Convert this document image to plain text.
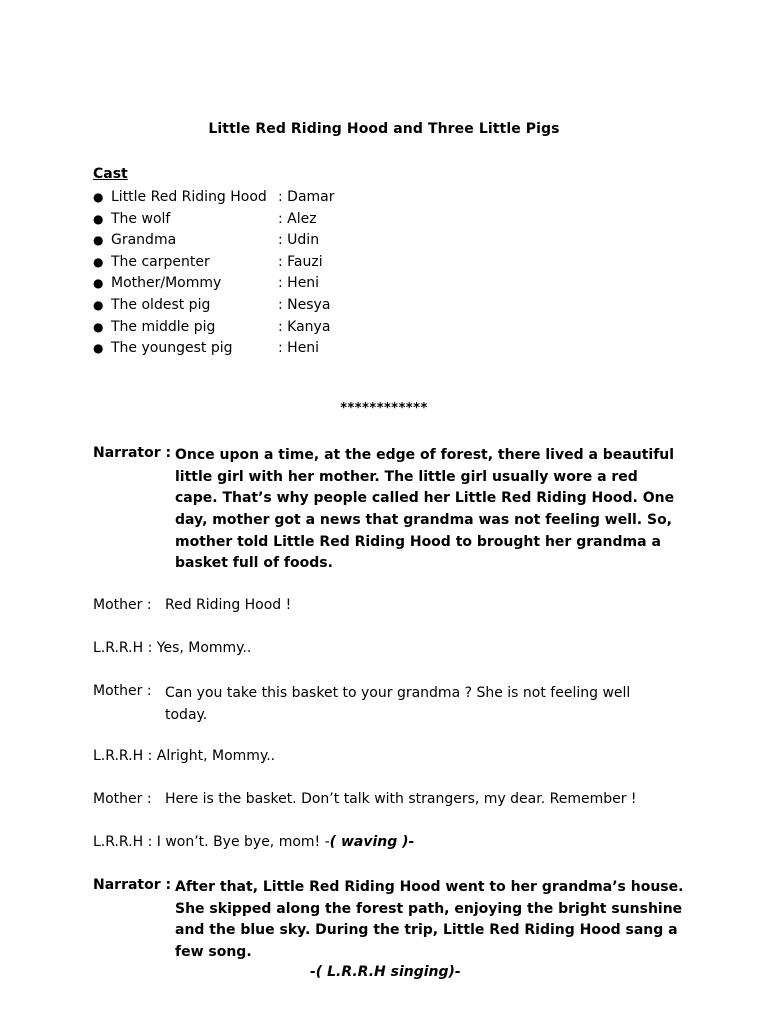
Little Red Riding Hood and Three Little Pigs
Cast
● Little Red Riding Hood : Damar
● The wolf	: Alez
● Grandma	: Udin
● The carpenter	: Fauzi
● Mother/Mommy	: Heni
● The oldest pig	: Nesya
● The middle pig	: Kanya
● The youngest pig	: Heni
************
Narrator : Once upon a time, at the edge of forest, there lived a beautiful
little girl with her mother. The little girl usually wore a red
cape. That’s why people called her Little Red Riding Hood. One
day, mother got a news that grandma was not feeling well. So,
mother told Little Red Riding Hood to brought her grandma a
basket full of foods.
Mother : Red Riding Hood !
L.R.R.H : Yes, Mommy..
Mother : Can you take this basket to your grandma ? She is not feeling well
today.
L.R.R.H : Alright, Mommy..
Mother : Here is the basket. Don’t talk with strangers, my dear. Remember !
L.R.R.H : I won’t. Bye bye, mom! -( waving )-
Narrator : After that, Little Red Riding Hood went to her grandma’s house.
She skipped along the forest path, enjoying the bright sunshine
and the blue sky. During the trip, Little Red Riding Hood sang a
few song.
-( L.R.R.H singing)-
